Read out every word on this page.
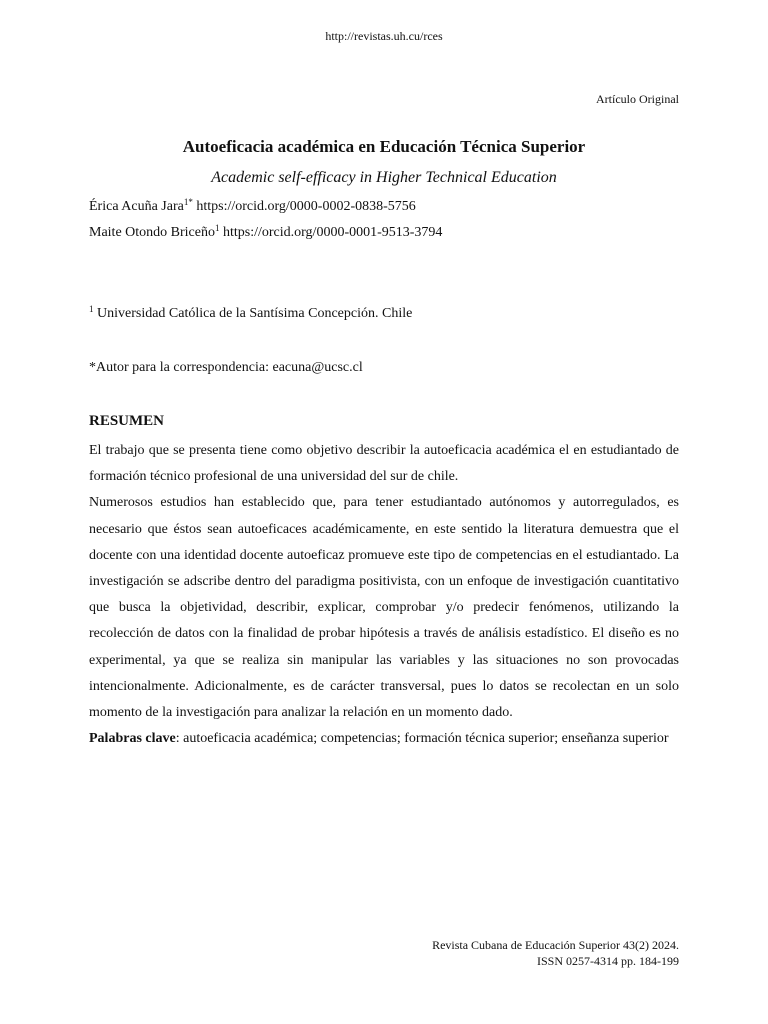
http://revistas.uh.cu/rces
Artículo Original
Autoeficacia académica en Educación Técnica Superior
Academic self-efficacy in Higher Technical Education
Érica Acuña Jara$^{1*}$ https://orcid.org/0000-0002-0838-5756
Maite Otondo Briceño$^1$ https://orcid.org/0000-0001-9513-3794
$^1$ Universidad Católica de la Santísima Concepción. Chile
*Autor para la correspondencia: eacuna@ucsc.cl
RESUMEN

El trabajo que se presenta tiene como objetivo describir la autoeficacia académica el en estudiantado de formación técnico profesional de una universidad del sur de chile.

Numerosos estudios han establecido que, para tener estudiantado autónomos y autorregulados, es necesario que éstos sean autoeficaces académicamente, en este sentido la literatura demuestra que el docente con una identidad docente autoeficaz promueve este tipo de competencias en el estudiantado. La investigación se adscribe dentro del paradigma positivista, con un enfoque de investigación cuantitativo que busca la objetividad, describir, explicar, comprobar y/o predecir fenómenos, utilizando la recolección de datos con la finalidad de probar hipótesis a través de análisis estadístico. El diseño es no experimental, ya que se realiza sin manipular las variables y las situaciones no son provocadas intencionalmente. Adicionalmente, es de carácter transversal, pues lo datos se recolectan en un solo momento de la investigación para analizar la relación en un momento dado.

Palabras clave: autoeficacia académica; competencias; formación técnica superior; enseñanza superior

Revista Cubana de Educación Superior 43(2) 2024.
ISSN 0257-4314 pp. 184-199
